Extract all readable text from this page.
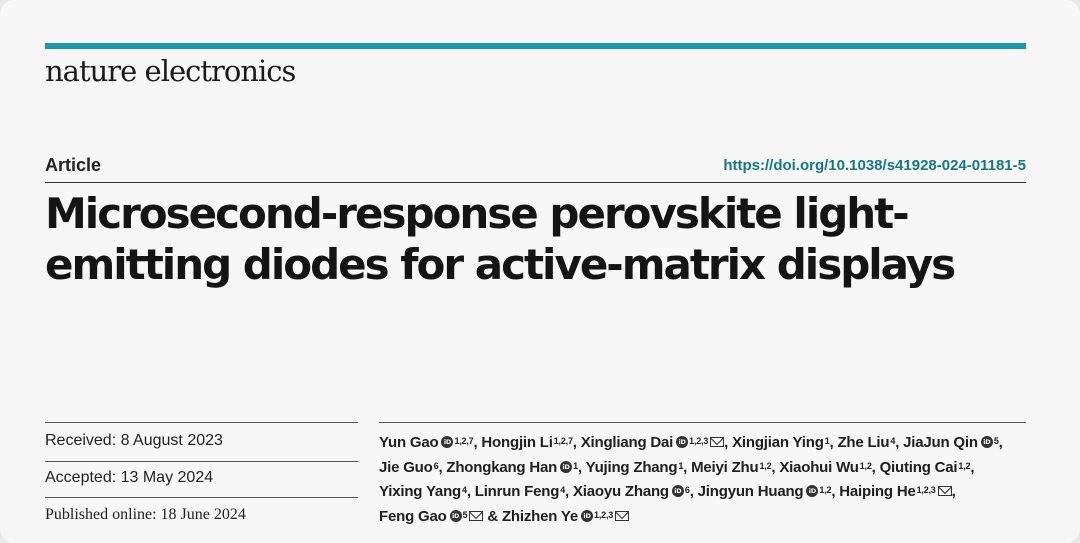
nature electronics
Article	https://doi.org/10.1038/s41928-024-01181-5
Microsecond-response perovskite light-emitting diodes for active-matrix displays
Received: 8 August 2023
Accepted: 13 May 2024
Published online: 18 June 2024
Yun Gao iD $^{1,2,7}$, Hongjin Li$^{1,2,7}$, Xingliang Dai iD $^{1,2,3}$ , Xingjian Ying$^1$, Zhe Liu$^4$, JiaJun Qin iD $^5$, Jie Guo$^6$, Zhongkang Han iD $^1$, Yujing Zhang$^1$, Meiyi Zhu$^{1,2}$, Xiaohui Wu$^{1,2}$, Qiuting Cai$^{1,2}$, Yixing Yang$^4$, Linrun Feng$^4$, Xiaoyu Zhang iD $^6$, Jingyun Huang iD $^{1,2}$, Haiping He$^{1,2,3}$ , Feng Gao iD $^5$ & Zhizhen Ye iD $^{1,2,3}$
